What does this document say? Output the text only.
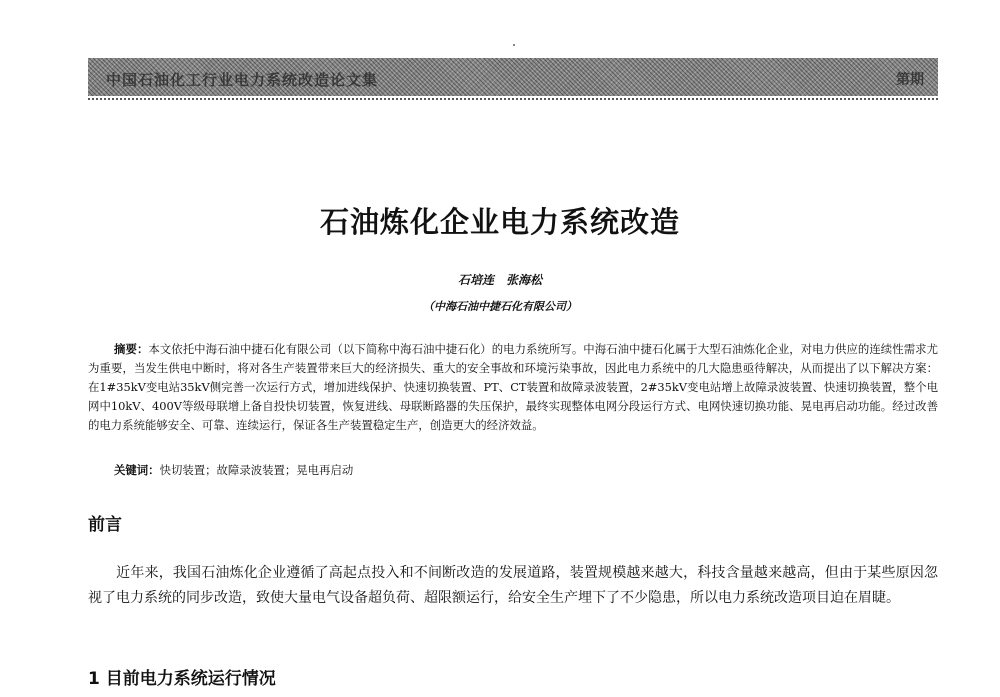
中国石油化工行业电力系统改造论文集	第期
石油炼化企业电力系统改造
石培连　张海松
（中海石油中捷石化有限公司）
摘要：本文依托中海石油中捷石化有限公司（以下简称中海石油中捷石化）的电力系统所写。中海石油中捷石化属于大型石油炼化企业，对电力供应的连续性需求尤为重要，当发生供电中断时，将对各生产装置带来巨大的经济损失、重大的安全事故和环境污染事故，因此电力系统中的几大隐患亟待解决，从而提出了以下解决方案：在1#35kV变电站35kV侧完善一次运行方式，增加进线保护、快速切换装置、PT、CT装置和故障录波装置，2#35kV变电站增上故障录波装置、快速切换装置，整个电网中10kV、400V等级母联增上备自投快切装置，恢复进线、母联断路器的失压保护，最终实现整体电网分段运行方式、电网快速切换功能、晃电再启动功能。经过改善的电力系统能够安全、可靠、连续运行，保证各生产装置稳定生产，创造更大的经济效益。
关键词：快切装置；故障录波装置；晃电再启动
前言
近年来，我国石油炼化企业遵循了高起点投入和不间断改造的发展道路，装置规模越来越大，科技含量越来越高，但由于某些原因忽视了电力系统的同步改造，致使大量电气设备超负荷、超限额运行，给安全生产埋下了不少隐患，所以电力系统改造项目迫在眉睫。
1 目前电力系统运行情况
